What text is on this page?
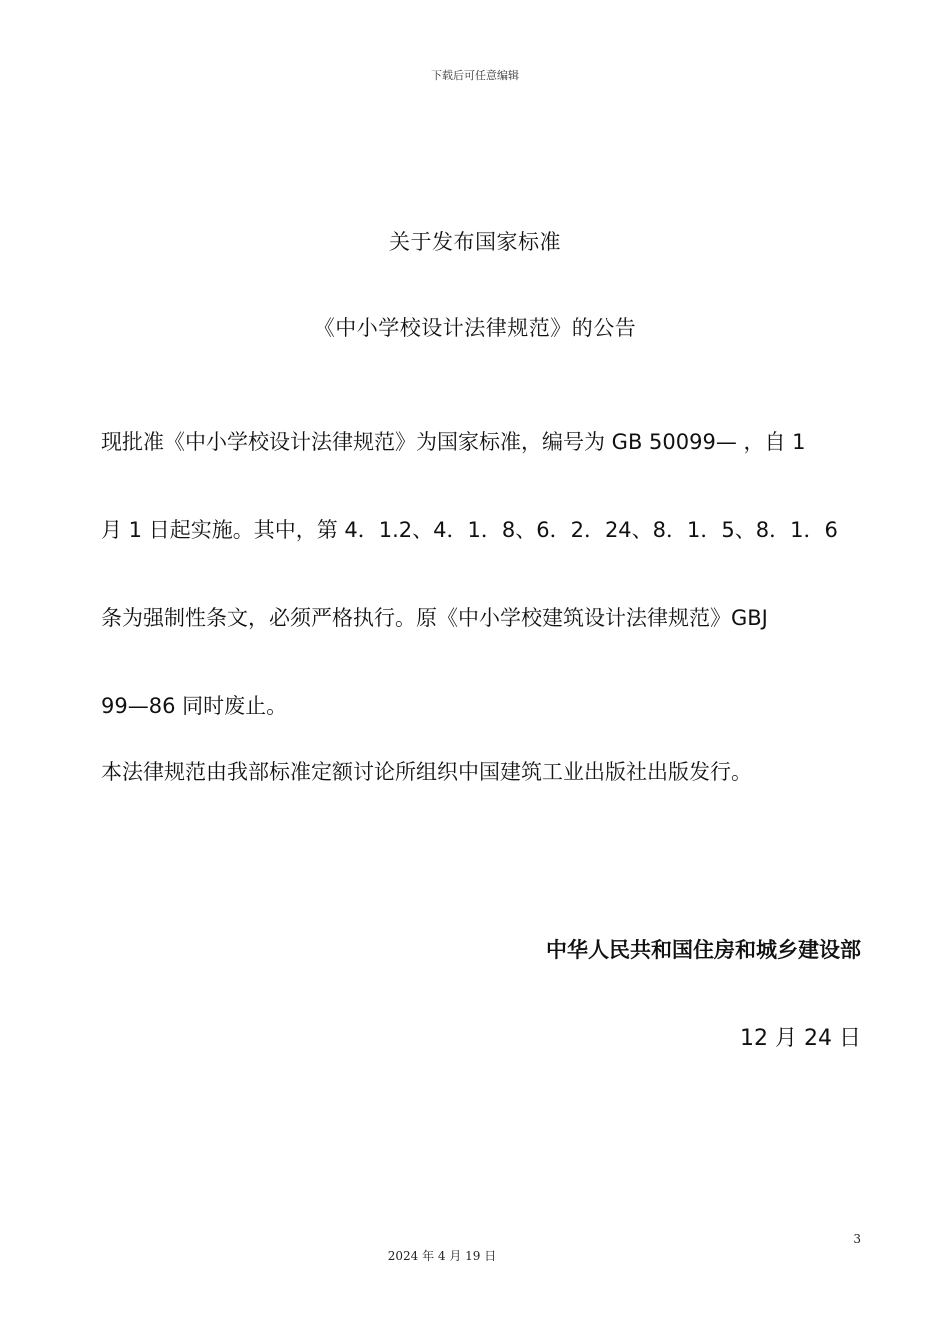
下载后可任意编辑
关于发布国家标准
《中小学校设计法律规范》的公告

现批准《中小学校设计法律规范》为国家标准，编号为 GB 50099— ，自 1

月 1 日起实施。其中，第 4．1.2、4．1．8、6．2．24、8．1．5、8．1．6

条为强制性条文，必须严格执行。原《中小学校建筑设计法律规范》GBJ

99—86 同时废止。

本法律规范由我部标准定额讨论所组织中国建筑工业出版社出版发行。
中华人民共和国住房和城乡建设部
12 月 24 日
3
2024 年 4 月 19 日
